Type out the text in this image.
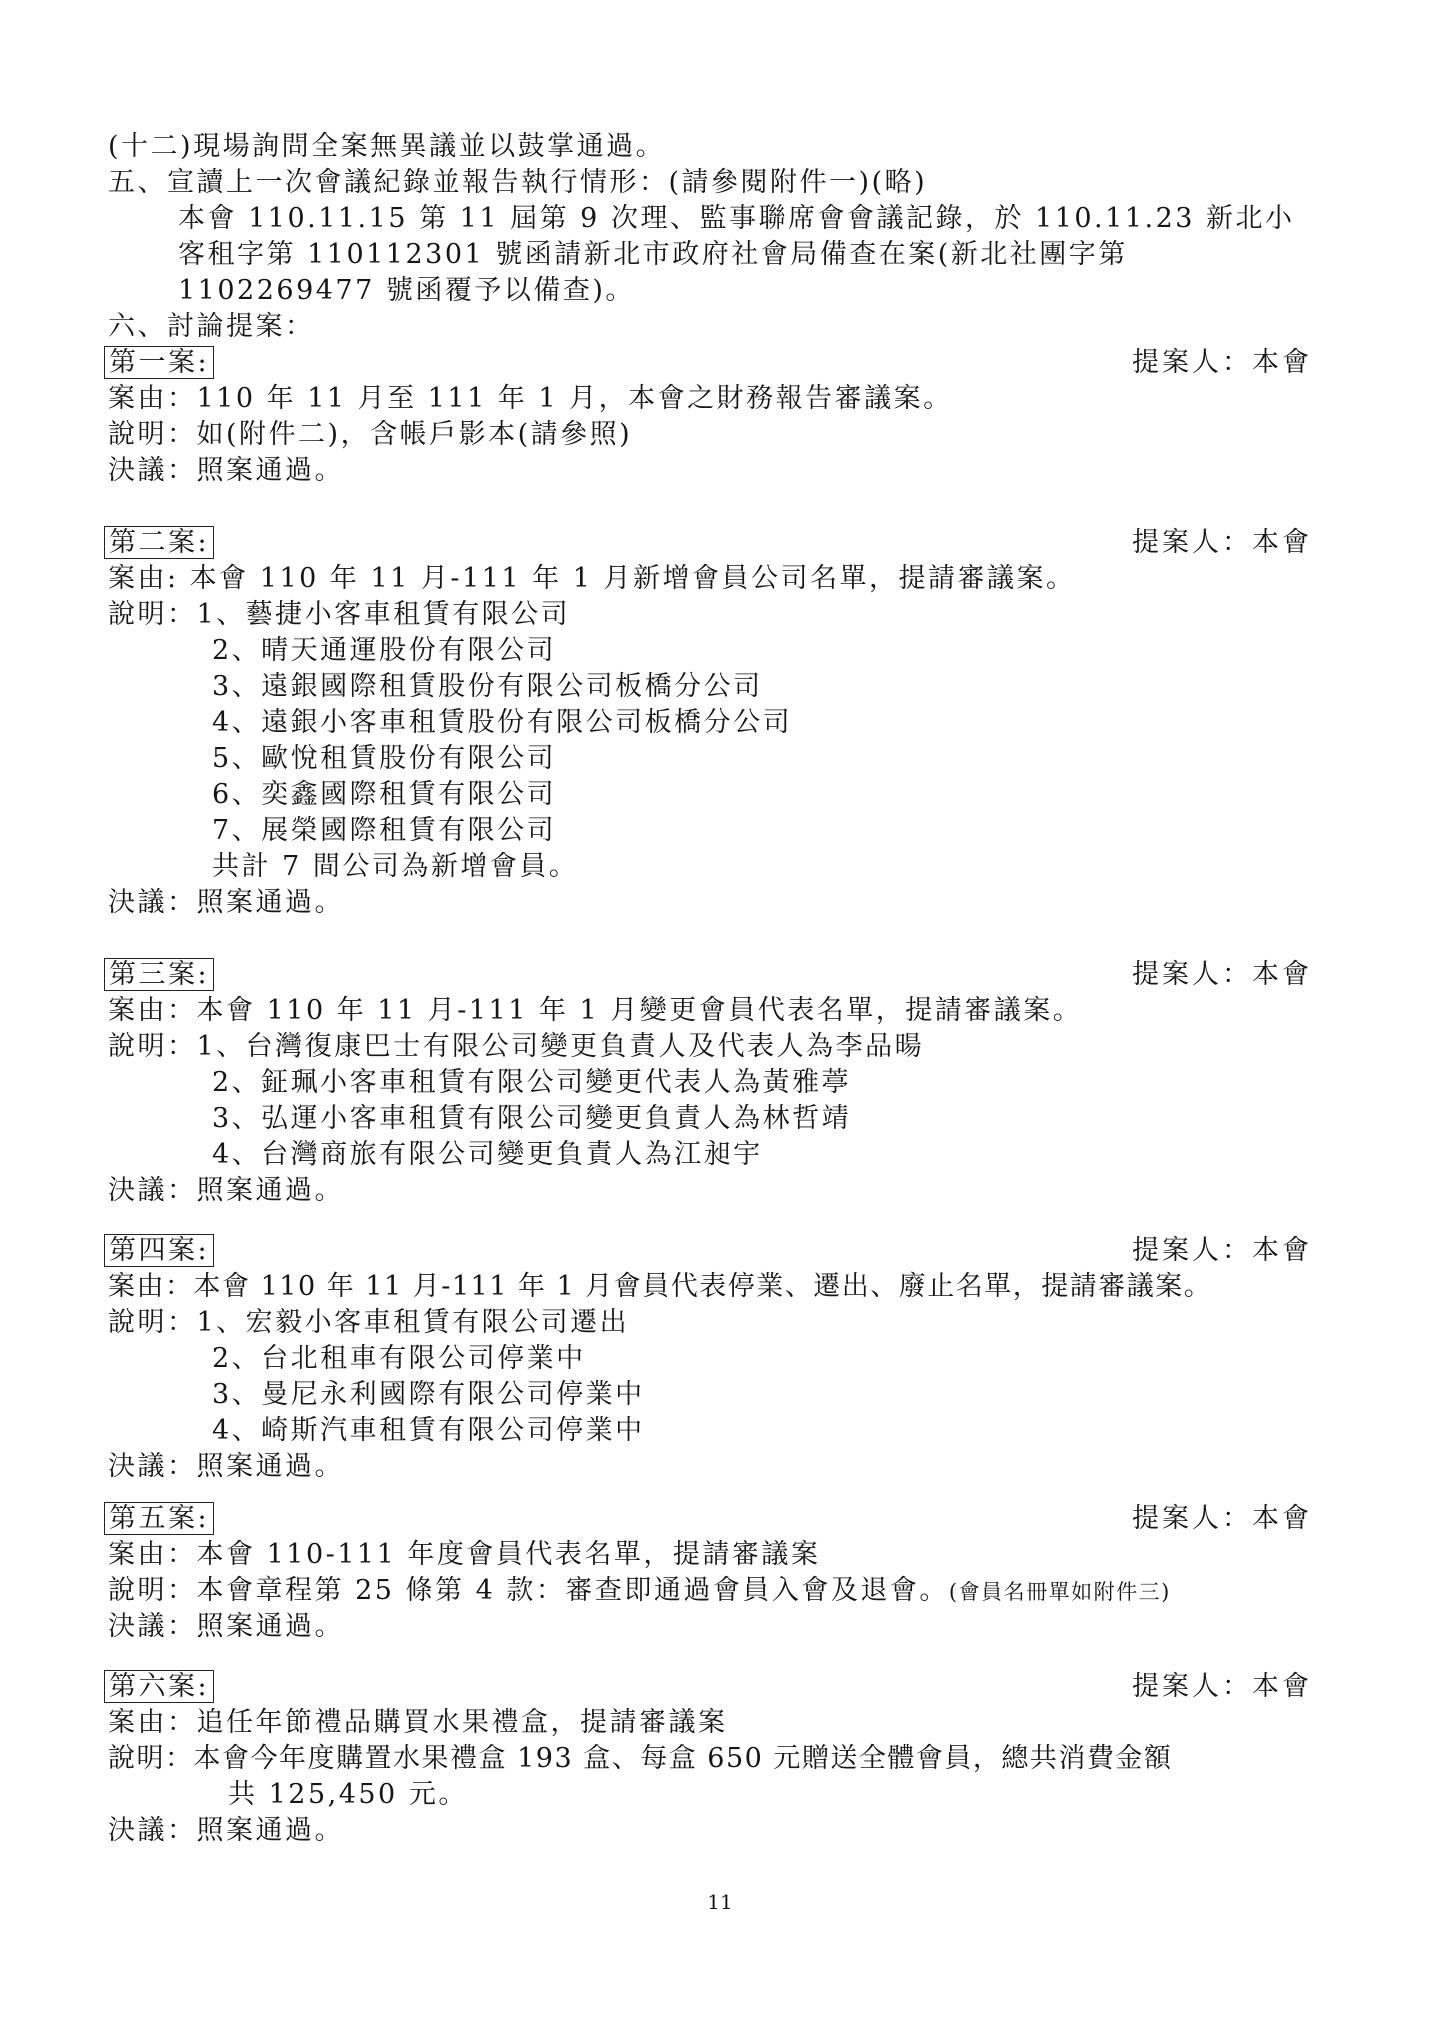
(十二)現場詢問全案無異議並以鼓掌通過。
五、宣讀上一次會議紀錄並報告執行情形：(請參閱附件一)(略)
本會 110.11.15 第 11 屆第 9 次理、監事聯席會會議記錄，於 110.11.23 新北小
客租字第 110112301 號函請新北市政府社會局備查在案(新北社團字第
1102269477 號函覆予以備查)。
六、討論提案：
第一案:	提案人：本會
案由：110 年 11 月至 111 年 1 月，本會之財務報告審議案。
說明：如(附件二)，含帳戶影本(請參照)
決議：照案通過。
第二案:	提案人：本會
案由: 本會 110 年 11 月-111 年 1 月新增會員公司名單，提請審議案。
說明：1、藝捷小客車租賃有限公司
2、晴天通運股份有限公司
3、遠銀國際租賃股份有限公司板橋分公司
4、遠銀小客車租賃股份有限公司板橋分公司
5、歐悅租賃股份有限公司
6、奕鑫國際租賃有限公司
7、展榮國際租賃有限公司
共計 7 間公司為新增會員。
決議：照案通過。
第三案:	提案人：本會
案由：本會 110 年 11 月-111 年 1 月變更會員代表名單，提請審議案。
說明：1、台灣復康巴士有限公司變更負責人及代表人為李品暘
2、鉦珮小客車租賃有限公司變更代表人為黃雅葶
3、弘運小客車租賃有限公司變更負責人為林哲靖
4、台灣商旅有限公司變更負責人為江昶宇
決議：照案通過。
第四案:	提案人：本會
案由：本會 110 年 11 月-111 年 1 月會員代表停業、遷出、廢止名單，提請審議案。
說明：1、宏毅小客車租賃有限公司遷出
2、台北租車有限公司停業中
3、曼尼永利國際有限公司停業中
4、崎斯汽車租賃有限公司停業中
決議：照案通過。
第五案:	提案人：本會
案由：本會 110-111 年度會員代表名單，提請審議案
說明：本會章程第 25 條第 4 款：審查即通過會員入會及退會。(會員名冊單如附件三)
決議：照案通過。
第六案:	提案人：本會
案由：追任年節禮品購買水果禮盒，提請審議案
說明：本會今年度購置水果禮盒 193 盒、每盒 650 元贈送全體會員，總共消費金額
共 125,450 元。
決議：照案通過。
11
